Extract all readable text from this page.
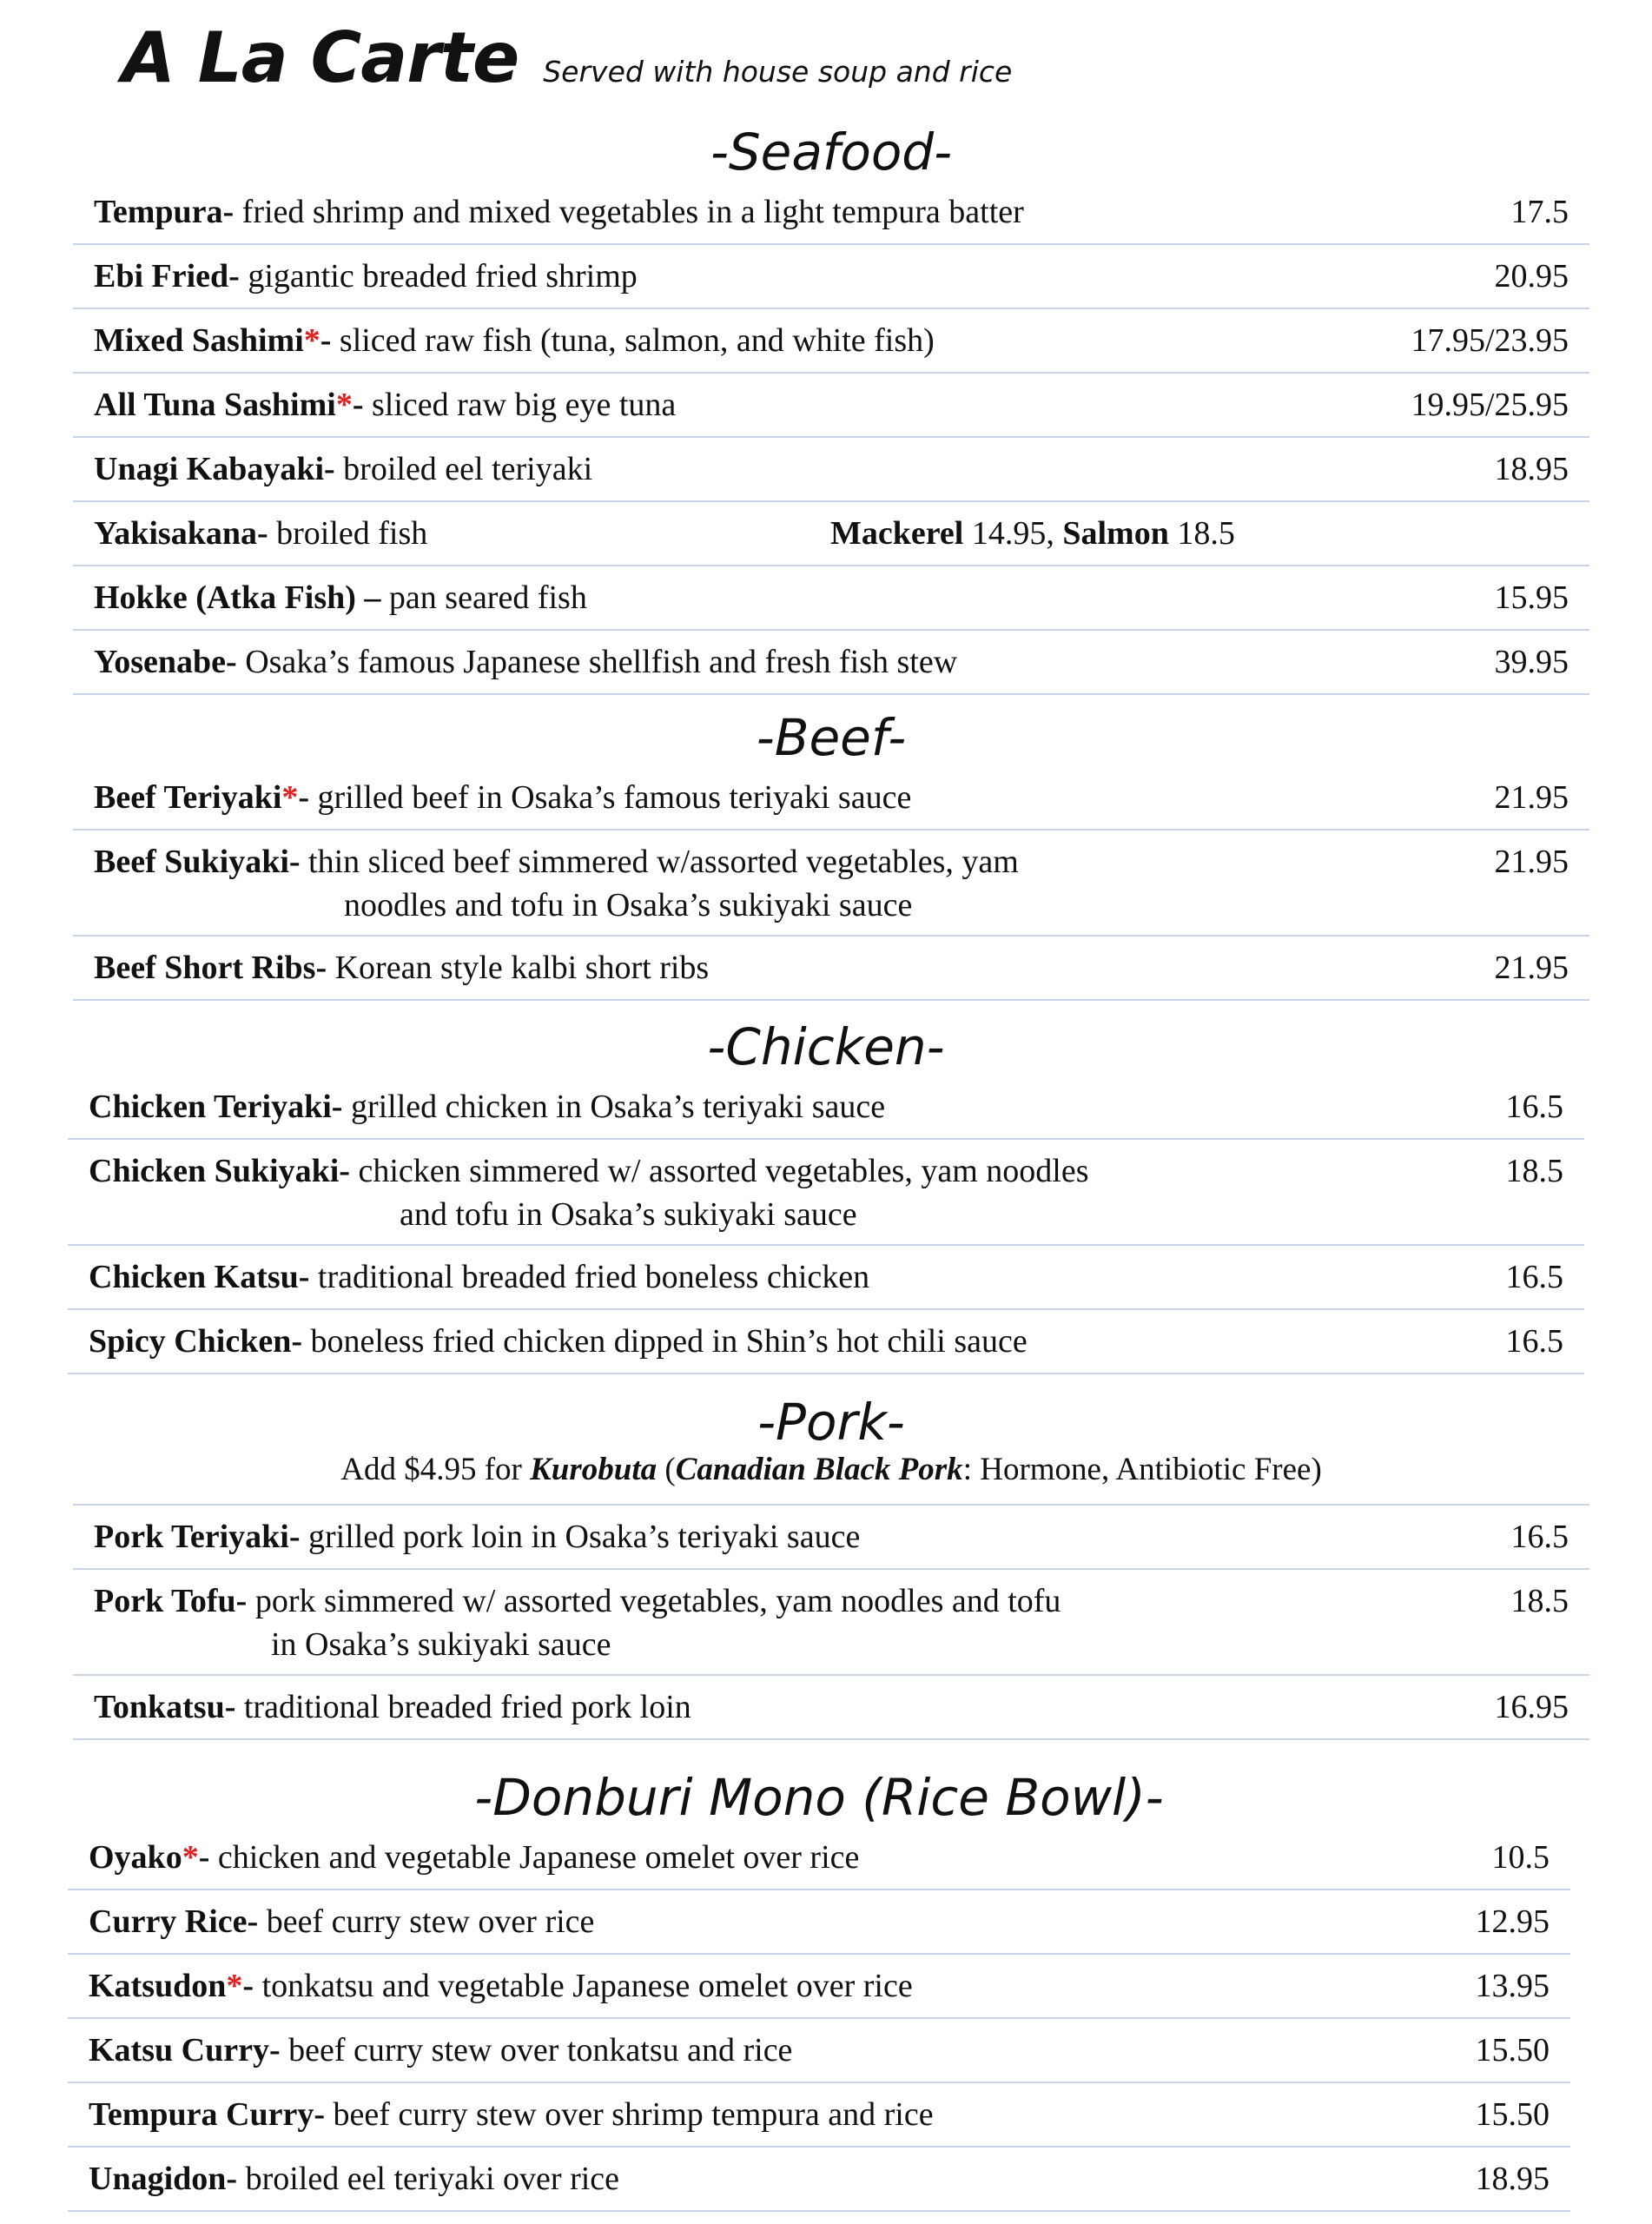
A La Carte Served with house soup and rice
-Seafood-
Tempura- fried shrimp and mixed vegetables in a light tempura batter	17.5
Ebi Fried- gigantic breaded fried shrimp	20.95
Mixed Sashimi*- sliced raw fish (tuna, salmon, and white fish)	17.95/23.95
All Tuna Sashimi*- sliced raw big eye tuna	19.95/25.95
Unagi Kabayaki- broiled eel teriyaki	18.95
Yakisakana- broiled fish	Mackerel 14.95, Salmon 18.5
Hokke (Atka Fish) – pan seared fish	15.95
Yosenabe- Osaka’s famous Japanese shellfish and fresh fish stew	39.95
-Beef-
Beef Teriyaki*- grilled beef in Osaka’s famous teriyaki sauce	21.95
Beef Sukiyaki- thin sliced beef simmered w/assorted vegetables, yam
noodles and tofu in Osaka’s sukiyaki sauce
21.95
Beef Short Ribs- Korean style kalbi short ribs	21.95
-Chicken-
Chicken Teriyaki- grilled chicken in Osaka’s teriyaki sauce	16.5
Chicken Sukiyaki- chicken simmered w/ assorted vegetables, yam noodles
and tofu in Osaka’s sukiyaki sauce
18.5
Chicken Katsu- traditional breaded fried boneless chicken	16.5
Spicy Chicken- boneless fried chicken dipped in Shin’s hot chili sauce	16.5
-Pork-
Add $4.95 for Kurobuta (Canadian Black Pork: Hormone, Antibiotic Free)
Pork Teriyaki- grilled pork loin in Osaka’s teriyaki sauce	16.5
Pork Tofu- pork simmered w/ assorted vegetables, yam noodles and tofu
in Osaka’s sukiyaki sauce
18.5
Tonkatsu- traditional breaded fried pork loin	16.95
-Donburi Mono (Rice Bowl)-
Oyako*- chicken and vegetable Japanese omelet over rice	10.5
Curry Rice- beef curry stew over rice	12.95
Katsudon*- tonkatsu and vegetable Japanese omelet over rice	13.95
Katsu Curry- beef curry stew over tonkatsu and rice	15.50
Tempura Curry- beef curry stew over shrimp tempura and rice	15.50
Unagidon- broiled eel teriyaki over rice	18.95
